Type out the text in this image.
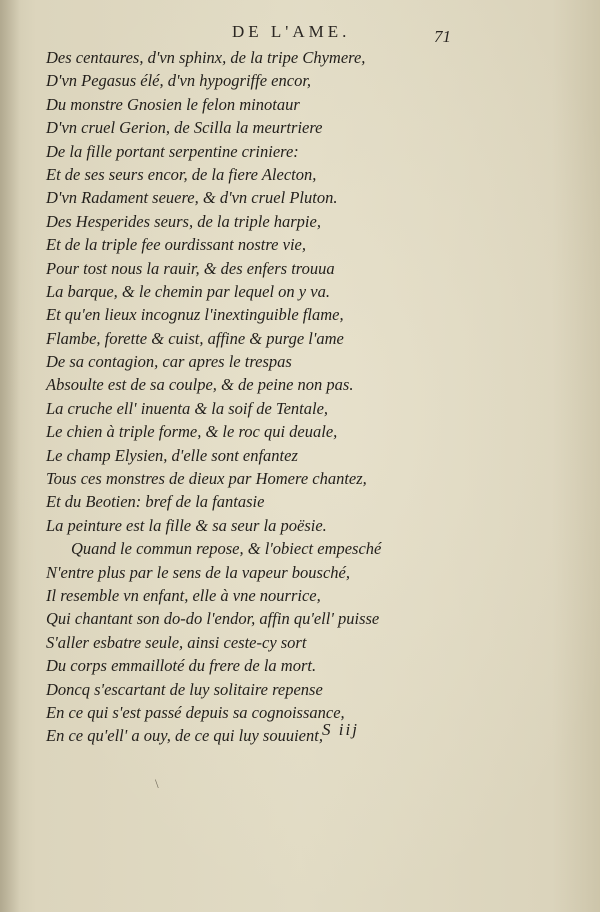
DE L'AME.	71
Des centaures, d'vn sphinx, de la tripe Chymere,
D'vn Pegasus élé, d'vn hypogriffe encor,
Du monstre Gnosien le felon minotaur
D'vn cruel Gerion, de Scilla la meurtriere
De la fille portant serpentine criniere:
Et de ses seurs encor, de la fiere Alecton,
D'vn Radament seuere, & d'vn cruel Pluton.
Des Hesperides seurs, de la triple harpie,
Et de la triple fee ourdissant nostre vie,
Pour tost nous la rauir, & des enfers trouua
La barque, & le chemin par lequel on y va.
Et qu'en lieux incognuz l'inextinguible flame,
Flambe, forette & cuist, affine & purge l'ame
De sa contagion, car apres le trespas
Absoulte est de sa coulpe, & de peine non pas.
La cruche ell' inuenta & la soif de Tentale,
Le chien à triple forme, & le roc qui deuale,
Le champ Elysien, d'elle sont enfantez
Tous ces monstres de dieux par Homere chantez,
Et du Beotien: bref de la fantasie
La peinture est la fille & sa seur la poësie.
Quand le commun repose, & l'obiect empesché
N'entre plus par le sens de la vapeur bousché,
Il resemble vn enfant, elle à vne nourrice,
Qui chantant son do-do l'endor, affin qu'ell' puisse
S'aller esbatre seule, ainsi ceste-cy sort
Du corps emmailloté du frere de la mort.
Doncq s'escartant de luy solitaire repense
En ce qui s'est passé depuis sa cognoissance,
En ce qu'ell' a ouy, de ce qui luy souuient, S iij
\
